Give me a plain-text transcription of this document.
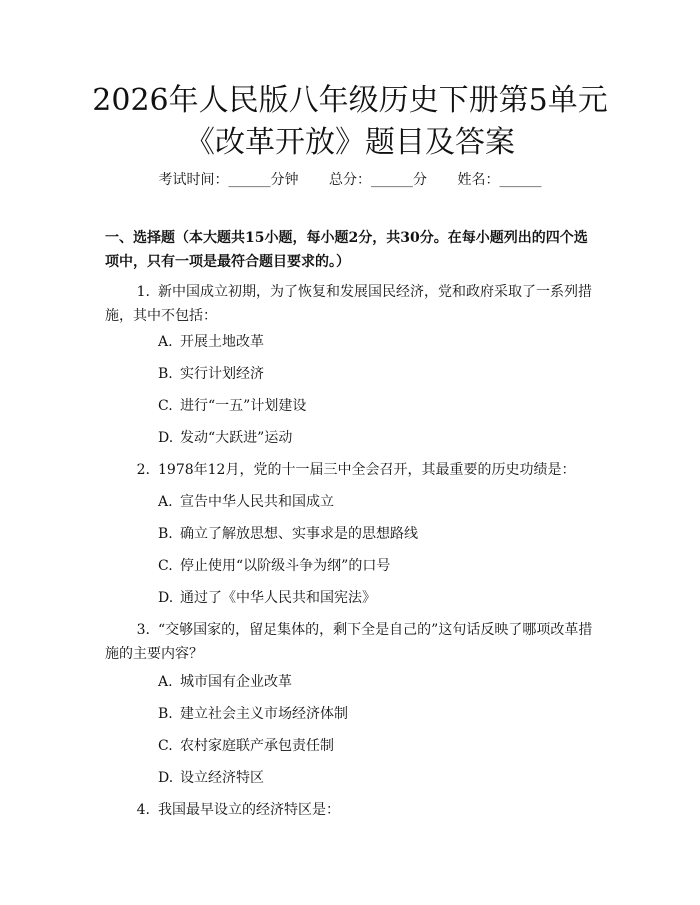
2026年人民版八年级历史下册第5单元《改革开放》题目及答案
考试时间：______分钟 总分：______分 姓名：______
一、选择题（本大题共15小题，每小题2分，共30分。在每小题列出的四个选项中，只有一项是最符合题目要求的。）
1. 新中国成立初期，为了恢复和发展国民经济，党和政府采取了一系列措施，其中不包括：
A. 开展土地改革
B. 实行计划经济
C. 进行“一五”计划建设
D. 发动“大跃进”运动
2. 1978年12月，党的十一届三中全会召开，其最重要的历史功绩是：
A. 宣告中华人民共和国成立
B. 确立了解放思想、实事求是的思想路线
C. 停止使用“以阶级斗争为纲”的口号
D. 通过了《中华人民共和国宪法》
3. “交够国家的，留足集体的，剩下全是自己的”这句话反映了哪项改革措施的主要内容？
A. 城市国有企业改革
B. 建立社会主义市场经济体制
C. 农村家庭联产承包责任制
D. 设立经济特区
4. 我国最早设立的经济特区是：
